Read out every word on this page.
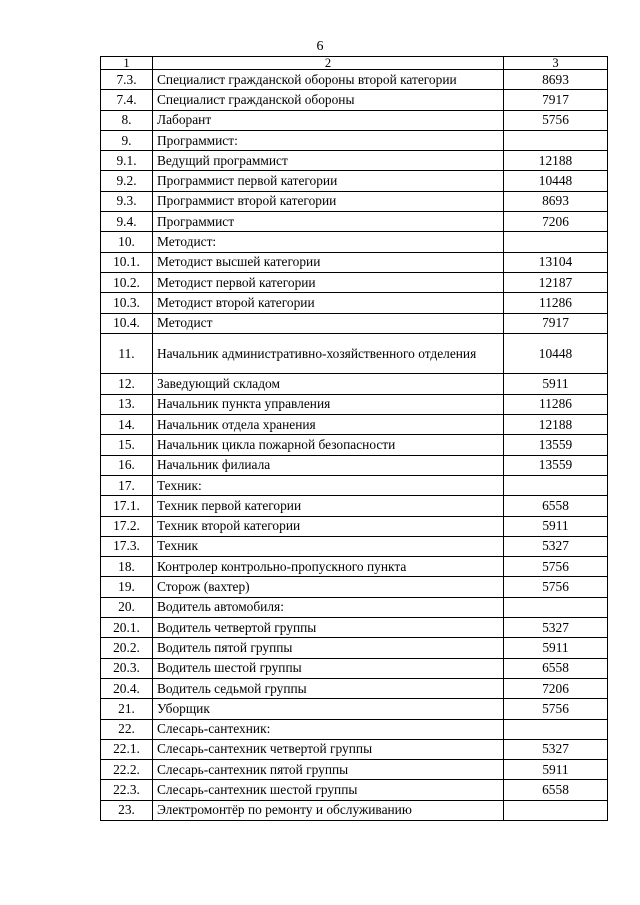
6
1	2	3
7.3.	Специалист гражданской обороны второй категории	8693
7.4.	Специалист гражданской обороны	7917
8.	Лаборант	5756
9.	Программист:	
9.1.	Ведущий программист	12188
9.2.	Программист первой категории	10448
9.3.	Программист второй категории	8693
9.4.	Программист	7206
10.	Методист:	
10.1.	Методист высшей категории	13104
10.2.	Методист первой категории	12187
10.3.	Методист второй категории	11286
10.4.	Методист	7917
11.	Начальник административно-хозяйственного отделения	10448
12.	Заведующий складом	5911
13.	Начальник пункта управления	11286
14.	Начальник отдела хранения	12188
15.	Начальник цикла пожарной безопасности	13559
16.	Начальник филиала	13559
17.	Техник:	
17.1.	Техник первой категории	6558
17.2.	Техник второй категории	5911
17.3.	Техник	5327
18.	Контролер контрольно-пропускного пункта	5756
19.	Сторож (вахтер)	5756
20.	Водитель автомобиля:	
20.1.	Водитель четвертой группы	5327
20.2.	Водитель пятой группы	5911
20.3.	Водитель шестой группы	6558
20.4.	Водитель седьмой группы	7206
21.	Уборщик	5756
22.	Слесарь-сантехник:	
22.1.	Слесарь-сантехник четвертой группы	5327
22.2.	Слесарь-сантехник пятой группы	5911
22.3.	Слесарь-сантехник шестой группы	6558
23.	Электромонтёр по ремонту и обслуживанию	
